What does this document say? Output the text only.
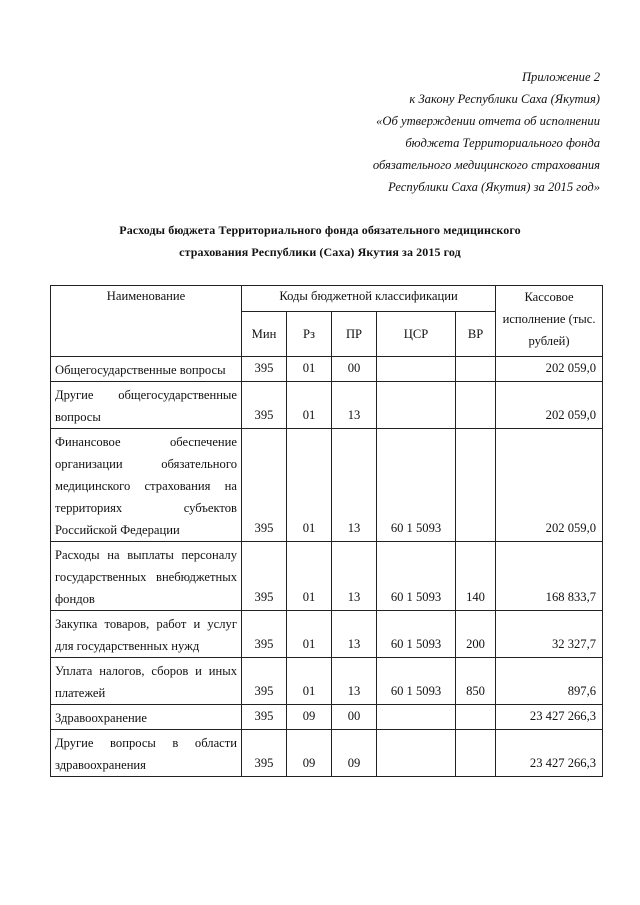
Приложение 2
к Закону Республики Саха (Якутия)
«Об утверждении отчета об исполнении
бюджета Территориального фонда
обязательного медицинского страхования
Республики Саха (Якутия) за 2015 год»
Расходы бюджета Территориального фонда обязательного медицинского
страхования Республики (Саха) Якутия за 2015 год
Наименование	Коды бюджетной классификации					Кассовое исполнение (тыс. рублей)
	Мин	Рз	ПР	ЦСР	ВР	
Общегосударственные вопросы	395	01	00			202 059,0
Другие общегосударственные вопросы	395	01	13			202 059,0
Финансовое обеспечение организации обязательного медицинского страхования на территориях субъектов Российской Федерации	395	01	13	60 1 5093		202 059,0
Расходы на выплаты персоналу государственных внебюджетных фондов	395	01	13	60 1 5093	140	168 833,7
Закупка товаров, работ и услуг для государственных нужд	395	01	13	60 1 5093	200	32 327,7
Уплата налогов, сборов и иных платежей	395	01	13	60 1 5093	850	897,6
Здравоохранение	395	09	00			23 427 266,3
Другие вопросы в области здравоохранения	395	09	09			23 427 266,3
